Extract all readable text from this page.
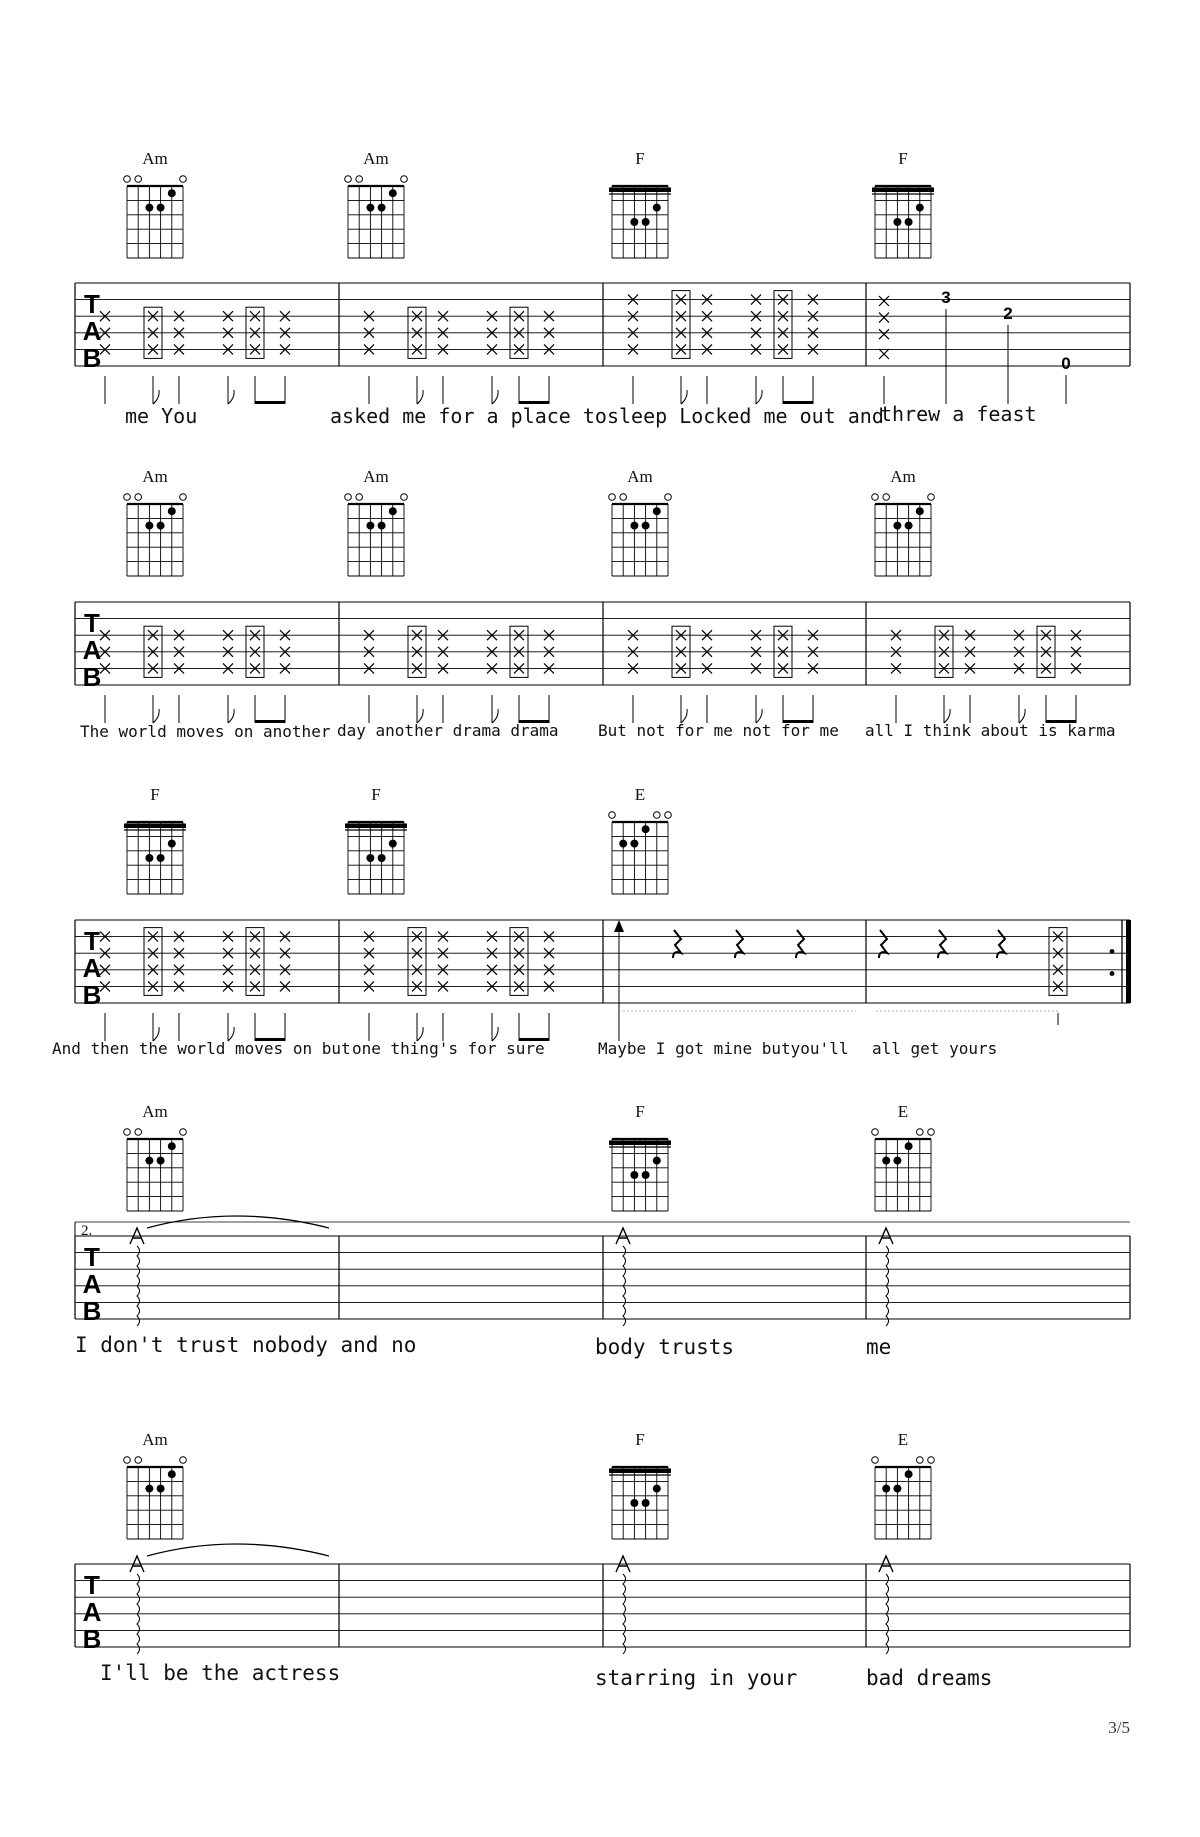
T
A
B
3
2
0
me You	asked me for a place tosleep Locked me out and
threw a feast
Am	Am	F	F
T
A
B
The world moves on another day another drama drama But not for me not for me all I think about is karma
Am	Am	Am	Am
T
A
B
And then the world moves on but one thing's for sure	Maybe I got mine butyou'll all get yours
F	F	E
T
A
B
2.
I don't trust nobody and no	body trusts	me
Am	F	E
T
A
B
I'll be the actress	starring in your	bad dreams
Am	F	E
3/5
